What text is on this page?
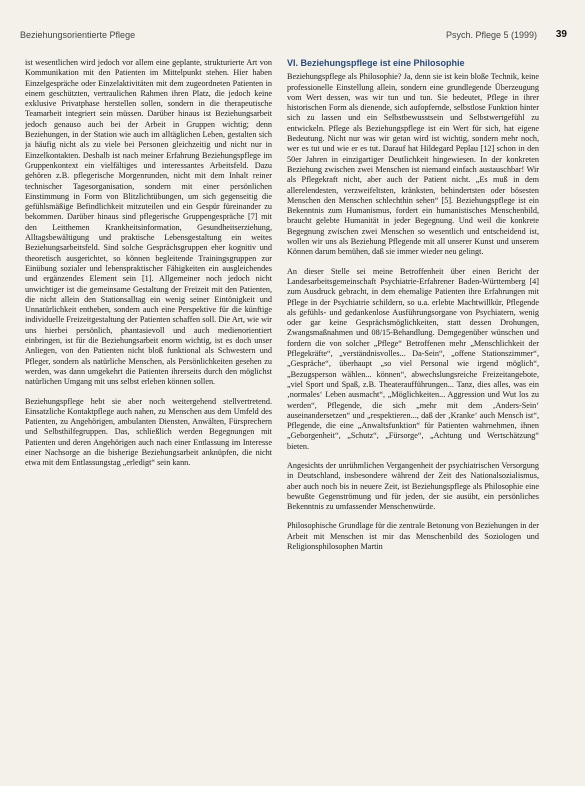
Beziehungsorientierte Pflege	Psych. Pflege 5 (1999) 39

ist wesentlichen wird jedoch vor allem eine geplante, strukturierte Art von Kommunikation mit den Patienten im Mittelpunkt stehen. Hier haben Einzelgespräche oder Einzelaktivitäten mit dem zugeordneten Patienten in einem geschützten, vertraulichen Rahmen ihren Platz, die jedoch keine exklusive Privatphase herstellen sollen, sondern in die therapeutische Teamarbeit integriert sein müssen. Darüber hinaus ist Beziehungsarbeit jedoch genauso auch bei der Arbeit in Gruppen wichtig; denn Beziehungen, in der Station wie auch im alltäglichen Leben, gestalten sich ja häufig nicht als zu viele bei Personen gleichzeitig und nicht nur in Einzelkontakten. Deshalb ist nach meiner Erfahrung Beziehungspflege im Gruppenkontext ein vielfältiges und interessantes Arbeitsfeld. Dazu gehören z.B. pflegerische Morgenrunden, nicht mit dem Inhalt reiner technischer Tagesorganisation, sondern mit einer persönlichen Einstimmung in Form von Blitzlichtübungen, um sich gegenseitig die gefühlsmäßige Befindlichkeit mitzuteilen und ein Gespür füreinander zu bekommen. Darüber hinaus sind pflegerische Gruppengespräche [7] mit den Leitthemen Krankheitsinformation, Gesundheitserziehung, Alltagsbewältigung und praktische Lebensgestaltung ein weites Beziehungsarbeitsfeld. Sind solche Gesprächsgruppen eher kognitiv und theoretisch ausgerichtet, so können begleitende Trainingsgruppen zur Einübung sozialer und lebenspraktischer Fähigkeiten ein ausgleichendes und ergänzendes Element sein [1]. Allgemeiner noch jedoch nicht unwichtiger ist die gemeinsame Gestaltung der Freizeit mit den Patienten, die nicht allein den Stationsalltag ein wenig seiner Eintönigkeit und Unnatürlichkeit entheben, sondern auch eine Perspektive für die künftige individuelle Freizeitgestaltung der Patienten schaffen soll. Die Art, wie wir uns hierbei persönlich, phantasievoll und auch medienorientiert einbringen, ist für die Beziehungsarbeit enorm wichtig, ist es doch unser Anliegen, von den Patienten nicht bloß funktional als Schwestern und Pfleger, sondern als natürliche Menschen, als Persönlichkeiten gesehen zu werden, was dann umgekehrt die Patienten ihrerseits durch den möglichst natürlichen Umgang mit uns selbst erleben können sollen.

Beziehungspflege hebt sie aber noch weitergehend stellvertretend. Einsatzliche Kontaktpflege auch nahen, zu Menschen aus dem Umfeld des Patienten, zu Angehörigen, ambulanten Diensten, Anwälten, Fürsprechern und Selbsthilfegruppen. Das, schließlich werden Begegnungen mit Patienten und deren Angehörigen auch nach einer Entlassung im Interesse einer Nachsorge an die bisherige Beziehungsarbeit anknüpfen, die nicht etwa mit dem Entlassungstag „erledigt“ sein kann.

VI. Beziehungspflege ist eine Philosophie

Beziehungspflege als Philosophie? Ja, denn sie ist kein bloße Technik, keine professionelle Einstellung allein, sondern eine grundlegende Überzeugung vom Wert dessen, was wir tun und tun. Sie bedeutet, Pflege in ihrer historischen Form als dienende, sich aufopfernde, selbstlose Funktion hinter sich zu lassen und ein Selbstbewusstsein und Selbstwertgefühl zu entwickeln. Pflege als Beziehungspflege ist ein Wert für sich, hat eigene Bedeutung. Nicht nur was wir getan wird ist wichtig, sondern mehr noch, wer es tut und wie er es tut. Darauf hat Hildegard Peplau [12] schon in den 50er Jahren in einzigartiger Deutlichkeit hingewiesen. In der konkreten Beziehung zwischen zwei Menschen ist niemand einfach austauschbar! Wir als Pflegekraft nicht, aber auch der Patient nicht. „Es muß in dem allerelendesten, verzweifeltsten, kränksten, behindertsten oder bösesten Menschen den Menschen schlechthin sehen“ [5]. Beziehungspflege ist ein Bekenntnis zum Humanismus, fordert ein humanistisches Menschenbild, braucht gelebte Humanität in jeder Begegnung. Und weil die konkrete Begegnung zwischen zwei Menschen so wesentlich und entscheidend ist, wollen wir uns als Beziehung Pflegende mit all unserer Kunst und unserem Können darum bemühen, daß sie immer wieder neu gelingt.

An dieser Stelle sei meine Betroffenheit über einen Bericht der Landesarbeitsgemeinschaft Psychiatrie-Erfahrener Baden-Württemberg [4] zum Ausdruck gebracht, in dem ehemalige Patienten ihre Erfahrungen mit Pflege in der Psychiatrie schildern, so u.a. erlebte Machtwillkür, Pflegende als gefühls- und gedankenlose Ausführungsorgane von Psychiatern, wenig oder gar keine Gesprächsmöglichkeiten, statt dessen Drohungen, Zwangsmaßnahmen und 08/15-Behandlung. Demgegenüber wünschen und fordern die von solcher „Pflege“ Betroffenen mehr „Menschlichkeit der Pflegekräfte“, „verständnisvolles... Da-Sein“, „offene Stationszimmer“, „Gespräche“, überhaupt „so viel Personal wie irgend möglich“, „Bezugsperson wählen... können“, abwechslungsreiche Freizeitangebote, „viel Sport und Spaß, z.B. Theateraufführungen... Tanz, dies alles, was ein ‚normales‘ Leben ausmacht“, „Möglichkeiten... Aggression und Wut los zu werden“, Pflegende, die sich „mehr mit dem ‚Anders-Sein‘ auseinandersetzen“ und „respektieren..., daß der ‚Kranke‘ auch Mensch ist“, Pflegende, die eine „Anwaltsfunktion“ für Patienten wahrnehmen, ihnen „Geborgenheit“, „Schutz“, „Fürsorge“, „Achtung und Wertschätzung“ bieten.

Angesichts der unrühmlichen Vergangenheit der psychiatrischen Versorgung in Deutschland, insbesondere während der Zeit des Nationalsozialismus, aber auch noch bis in neuere Zeit, ist Beziehungspflege als Philosophie eine bewußte Gegenströmung und für jeden, der sie ausübt, ein persönliches Bekenntnis zu umfassender Menschenwürde.

Philosophische Grundlage für die zentrale Betonung von Beziehungen in der Arbeit mit Menschen ist mir das Menschenbild des Soziologen und Religionsphilosophen Martin
